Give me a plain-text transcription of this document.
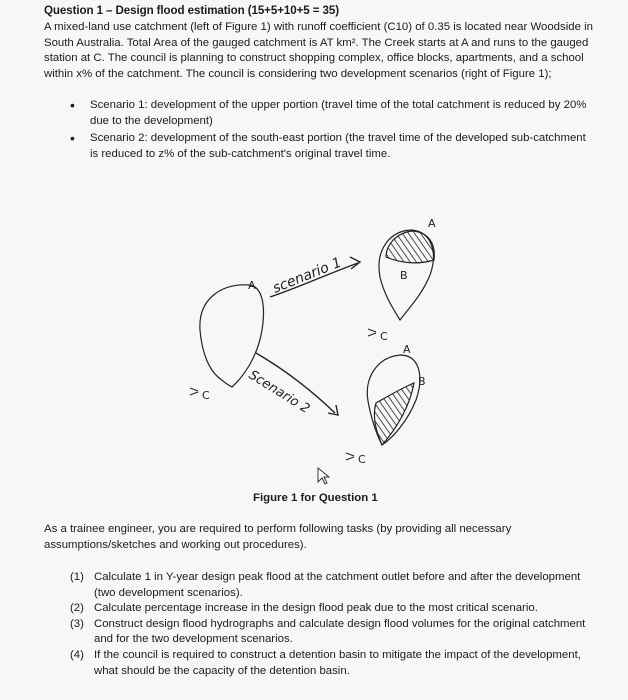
Question 1 – Design flood estimation (15+5+10+5 = 35)
A mixed-land use catchment (left of Figure 1) with runoff coefficient (C10) of 0.35 is located near Woodside in South Australia. Total Area of the gauged catchment is AT km². The Creek starts at A and runs to the gauged station at C. The council is planning to construct shopping complex, office blocks, apartments, and a school within x% of the catchment. The council is considering two development scenarios (right of Figure 1);
• Scenario 1: development of the upper portion (travel time of the total catchment is reduced by 20% due to the development)
• Scenario 2: development of the south-east portion (the travel time of the developed sub-catchment is reduced to z% of the sub-catchment's original travel time.
A
C
scenario 1
A
B
C
Scenario 2
A
B
C
Figure 1 for Question 1
As a trainee engineer, you are required to perform following tasks (by providing all necessary assumptions/sketches and working out procedures).
(1) Calculate 1 in Y-year design peak flood at the catchment outlet before and after the development (two development scenarios).
(2) Calculate percentage increase in the design flood peak due to the most critical scenario.
(3) Construct design flood hydrographs and calculate design flood volumes for the original catchment and for the two development scenarios.
(4) If the council is required to construct a detention basin to mitigate the impact of the development, what should be the capacity of the detention basin.
